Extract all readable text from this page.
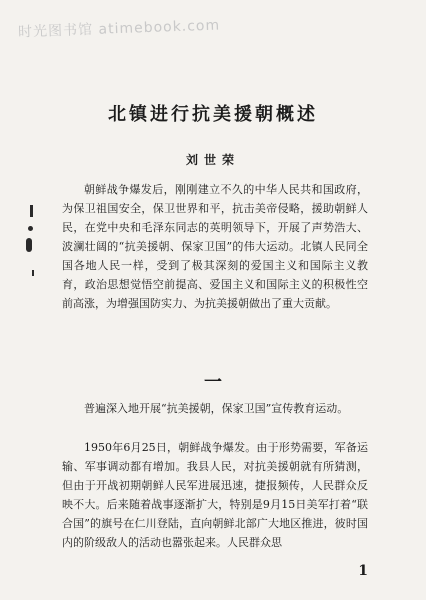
时光图书馆 atimebook.com
北镇进行抗美援朝概述
刘世荣

朝鲜战争爆发后，刚刚建立不久的中华人民共和国政府，为保卫祖国安全，保卫世界和平，抗击美帝侵略，援助朝鲜人民，在党中央和毛泽东同志的英明领导下，开展了声势浩大、波澜壮阔的“抗美援朝、保家卫国”的伟大运动。北镇人民同全国各地人民一样，受到了极其深刻的爱国主义和国际主义教育，政治思想觉悟空前提高、爱国主义和国际主义的积极性空前高涨，为增强国防实力、为抗美援朝做出了重大贡献。

一

普遍深入地开展“抗美援朝，保家卫国”宣传教育运动。

1950年6月25日，朝鲜战争爆发。由于形势需要，军备运输、军事调动都有增加。我县人民，对抗美援朝就有所猜测，但由于开战初期朝鲜人民军进展迅速，捷报频传，人民群众反映不大。后来随着战事逐渐扩大，特别是9月15日美军打着“联合国”的旗号在仁川登陆，直向朝鲜北部广大地区推进，彼时国内的阶级敌人的活动也嚣张起来。人民群众思

1
